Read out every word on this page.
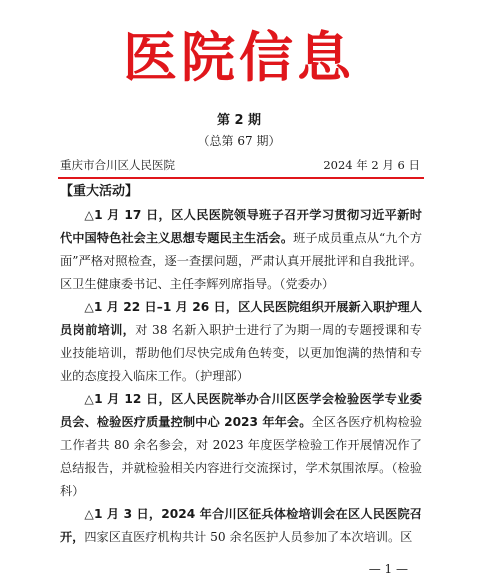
医院信息
第 2 期
（总第 67 期）
重庆市合川区人民医院	2024 年 2 月 6 日
【重大活动】

△1 月 17 日，区人民医院领导班子召开学习贯彻习近平新时代中国特色社会主义思想专题民主生活会。班子成员重点从“九个方面”严格对照检查，逐一查摆问题，严肃认真开展批评和自我批评。区卫生健康委书记、主任李辉列席指导。（党委办）

△1 月 22 日–1 月 26 日，区人民医院组织开展新入职护理人员岗前培训，对 38 名新入职护士进行了为期一周的专题授课和专业技能培训，帮助他们尽快完成角色转变，以更加饱满的热情和专业的态度投入临床工作。（护理部）

△1 月 12 日，区人民医院举办合川区医学会检验医学专业委员会、检验医疗质量控制中心 2023 年年会。全区各医疗机构检验工作者共 80 余名参会，对 2023 年度医学检验工作开展情况作了总结报告，并就检验相关内容进行交流探讨，学术氛围浓厚。（检验科）

△1 月 3 日，2024 年合川区征兵体检培训会在区人民医院召开，四家区直医疗机构共计 50 余名医护人员参加了本次培训。区

— 1 —
